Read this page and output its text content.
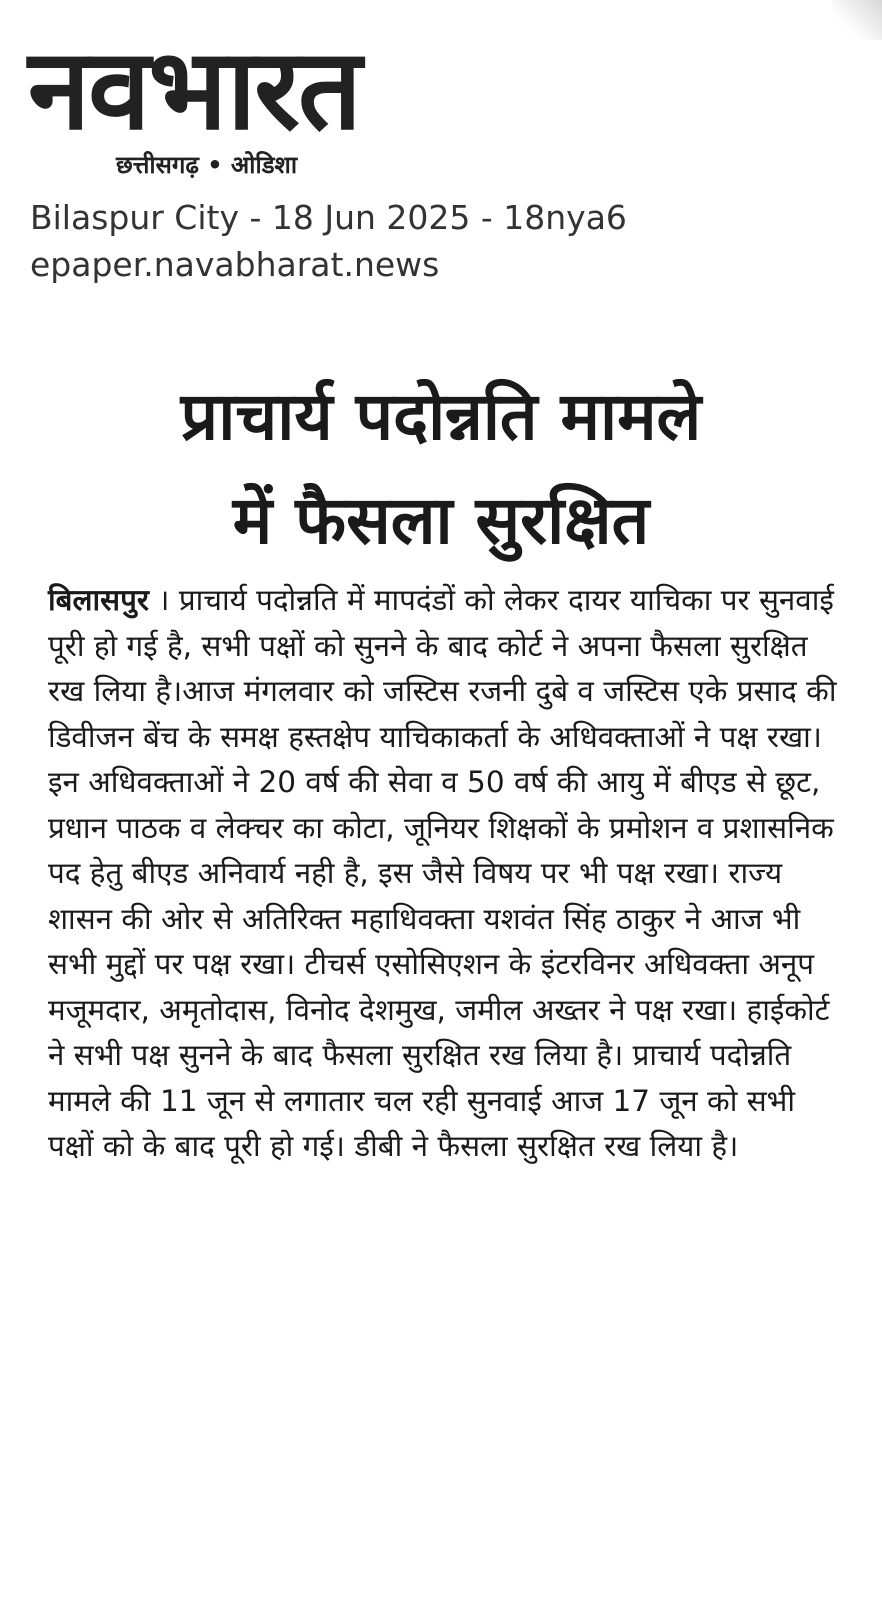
नवभारत
छत्तीसगढ़ • ओडिशा
Bilaspur City - 18 Jun 2025 - 18nya6
epaper.navabharat.news
प्राचार्य पदोन्नति मामले
में फैसला सुरक्षित

बिलासपुर । प्राचार्य पदोन्नति में मापदंडों को लेकर दायर याचिका पर सुनवाई पूरी हो गई है, सभी पक्षों को सुनने के बाद कोर्ट ने अपना फैसला सुरक्षित रख लिया है।आज मंगलवार को जस्टिस रजनी दुबे व जस्टिस एके प्रसाद की डिवीजन बेंच के समक्ष हस्तक्षेप याचिकाकर्ता के अधिवक्ताओं ने पक्ष रखा। इन अधिवक्ताओं ने 20 वर्ष की सेवा व 50 वर्ष की आयु में बीएड से छूट, प्रधान पाठक व लेक्चर का कोटा, जूनियर शिक्षकों के प्रमोशन व प्रशासनिक पद हेतु बीएड अनिवार्य नही है, इस जैसे विषय पर भी पक्ष रखा। राज्य शासन की ओर से अतिरिक्त महाधिवक्ता यशवंत सिंह ठाकुर ने आज भी सभी मुद्दों पर पक्ष रखा। टीचर्स एसोसिएशन के इंटरविनर अधिवक्ता अनूप मजूमदार, अमृतोदास, विनोद देशमुख, जमील अख्तर ने पक्ष रखा। हाईकोर्ट ने सभी पक्ष सुनने के बाद फैसला सुरक्षित रख लिया है। प्राचार्य पदोन्नति मामले की 11 जून से लगातार चल रही सुनवाई आज 17 जून को सभी पक्षों को के बाद पूरी हो गई। डीबी ने फैसला सुरक्षित रख लिया है।
